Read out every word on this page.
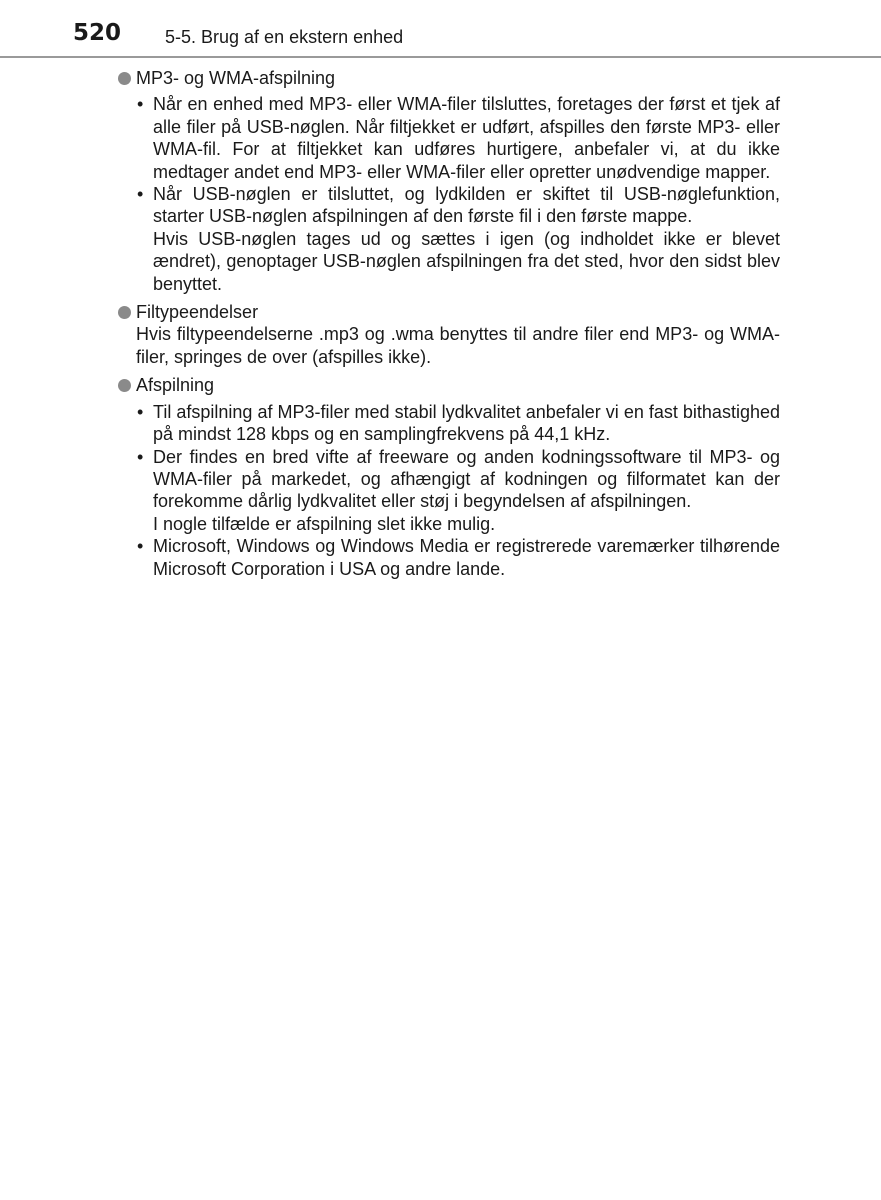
520 5-5. Brug af en ekstern enhed

MP3- og WMA-afspilning

• Når en enhed med MP3- eller WMA-filer tilsluttes, foretages der først et tjek af alle filer på USB-nøglen. Når filtjekket er udført, afspilles den første MP3- eller WMA-fil. For at filtjekket kan udføres hurtigere, anbefaler vi, at du ikke medtager andet end MP3- eller WMA-filer eller opretter unødvendige mapper.

• Når USB-nøglen er tilsluttet, og lydkilden er skiftet til USB-nøglefunktion, starter USB-nøglen afspilningen af den første fil i den første mappe.

Hvis USB-nøglen tages ud og sættes i igen (og indholdet ikke er blevet ændret), genoptager USB-nøglen afspilningen fra det sted, hvor den sidst blev benyttet.

Filtypeendelser

Hvis filtypeendelserne .mp3 og .wma benyttes til andre filer end MP3- og WMA-filer, springes de over (afspilles ikke).

Afspilning

• Til afspilning af MP3-filer med stabil lydkvalitet anbefaler vi en fast bithastighed på mindst 128 kbps og en samplingfrekvens på 44,1 kHz.

• Der findes en bred vifte af freeware og anden kodningssoftware til MP3- og WMA-filer på markedet, og afhængigt af kodningen og filformatet kan der forekomme dårlig lydkvalitet eller støj i begyndelsen af afspilningen.

I nogle tilfælde er afspilning slet ikke mulig.

• Microsoft, Windows og Windows Media er registrerede varemærker tilhørende Microsoft Corporation i USA og andre lande.
